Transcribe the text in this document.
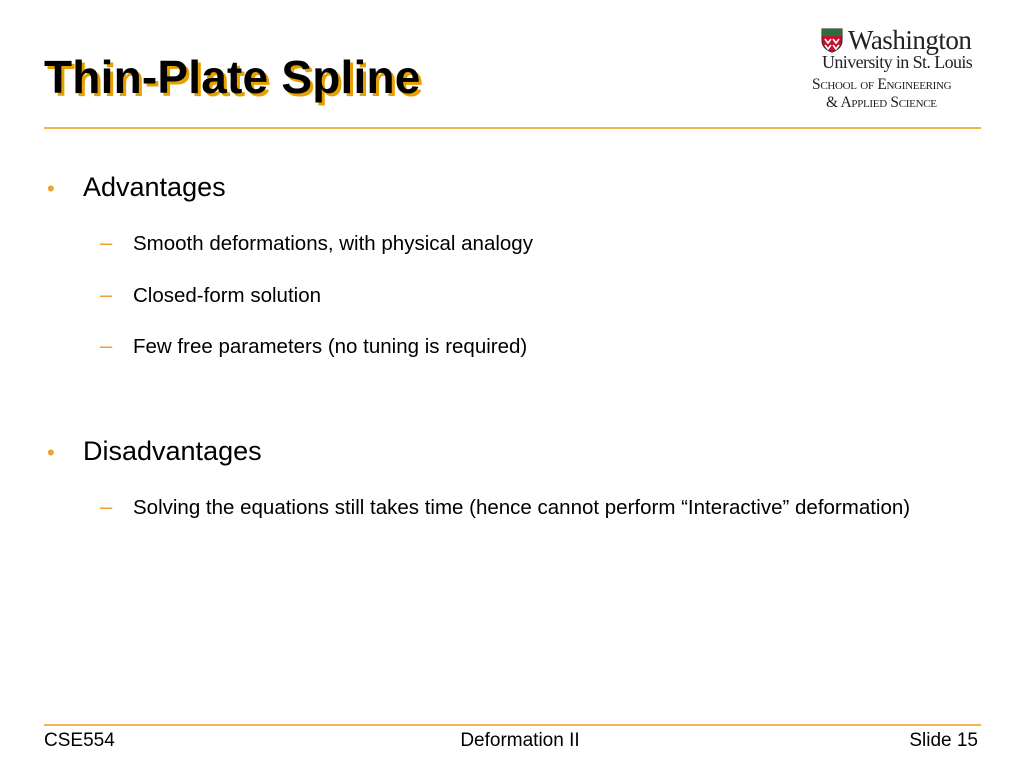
Thin-Plate Spline
Washington
University in St. Louis
School of Engineering
& Applied Science
•	Advantages
–	Smooth deformations, with physical analogy
–	Closed-form solution
–	Few free parameters (no tuning is required)
•	Disadvantages
–	Solving the equations still takes time (hence cannot perform “Interactive” deformation)
CSE554	Deformation II	Slide 15
